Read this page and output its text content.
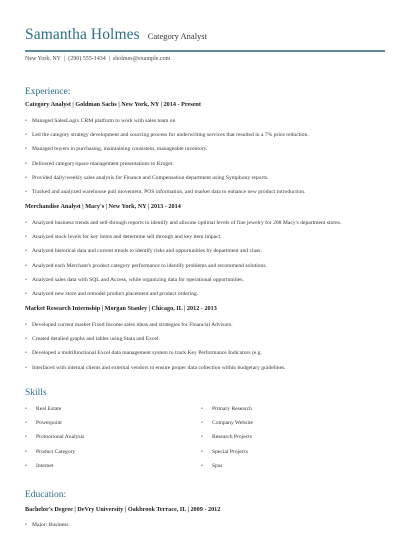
Samantha Holmes Category Analyst
New York, NY | (290) 555-1434 | sholmes@example.com
Experience:
Category Analyst | Goldman Sachs | New York, NY | 2014 - Present
• Managed SalesLogix CRM platform to work with sales team on
• Led the category strategy development and sourcing process for underwriting services that resulted in a 7% price reduction.
• Managed buyers in purchasing, maintaining consistent, manageable inventory.
• Delivered category/space management presentations to Kroger.
• Provided daily/weekly sales analysis for Finance and Compensation department using Symphony reports.
• Tracked and analyzed warehouse pull movement, POS information, and market data to enhance new product introduction.
Merchandise Analyst | Macy's | New York, NY | 2013 - 2014
• Analyzed business trends and sell-through reports to identify and allocate optimal levels of fine jewelry for 208 Macy's department stores.
• Analyzed stock levels for key items and determine sell through and key item impact.
• Analyzed historical data and current trends to identify risks and opportunities by department and class.
• Analyzed each Merchant's product category performance to identify problems and recommend solutions.
• Analyzed sales data with SQL and Access, while organizing data for operational opportunities.
• Analyzed new store and remodel product placement and product ordering.
Market Research Internship | Morgan Stanley | Chicago, IL | 2012 - 2013
• Developed current market Fixed Income sales ideas and strategies for Financial Advisors.
• Created detailed graphs and tables using Stata and Excel.
• Developed a multifunctional Excel data management system to track Key Performance Indicators (e.g.
• Interfaced with internal clients and external vendors to ensure proper data collection within budgetary guidelines.
Skills
• Real Estate
• Powerpoint
• Promotional Analysis
• Product Category
• Internet
• Primary Research
• Company Website
• Research Projects
• Special Projects
• Spss
Education:
Bachelor's Degree | DeVry University | Oakbrook Terrace, IL | 2009 - 2012
• Major: Business
